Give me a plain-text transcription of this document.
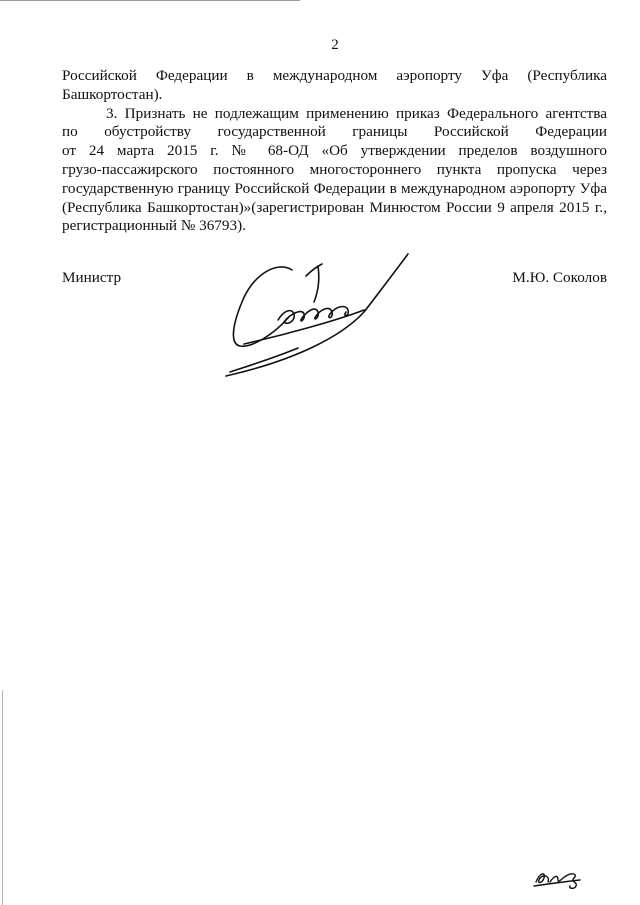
2
Российской Федерации в международном аэропорту Уфа (Республика
Башкортостан).
3. Признать не подлежащим применению приказ Федерального агентства
по обустройству государственной границы Российской Федерации
от 24 марта 2015 г. № 68-ОД «Об утверждении пределов воздушного
грузо-пассажирского постоянного многостороннего пункта пропуска через
государственную границу Российской Федерации в международном аэропорту Уфа
(Республика Башкортостан)»(зарегистрирован Минюстом России 9 апреля 2015 г.,
регистрационный № 36793).
Министр	М.Ю. Соколов
